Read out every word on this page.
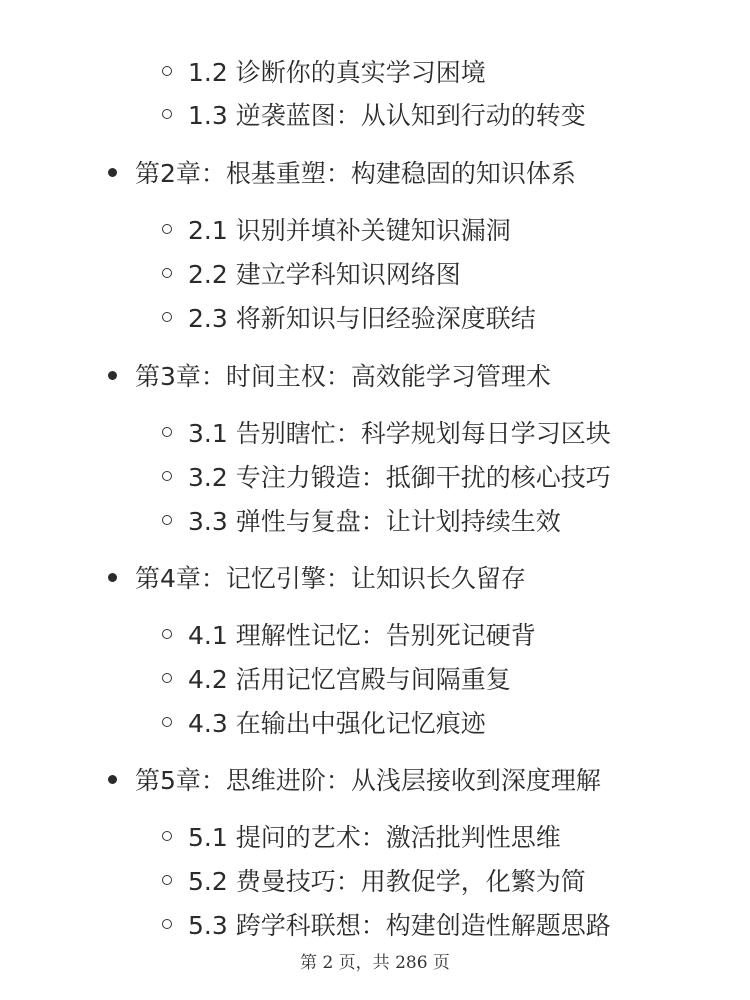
1.2 诊断你的真实学习困境
1.3 逆袭蓝图：从认知到行动的转变
第2章：根基重塑：构建稳固的知识体系
2.1 识别并填补关键知识漏洞
2.2 建立学科知识网络图
2.3 将新知识与旧经验深度联结
第3章：时间主权：高效能学习管理术
3.1 告别瞎忙：科学规划每日学习区块
3.2 专注力锻造：抵御干扰的核心技巧
3.3 弹性与复盘：让计划持续生效
第4章：记忆引擎：让知识长久留存
4.1 理解性记忆：告别死记硬背
4.2 活用记忆宫殿与间隔重复
4.3 在输出中强化记忆痕迹
第5章：思维进阶：从浅层接收到深度理解
5.1 提问的艺术：激活批判性思维
5.2 费曼技巧：用教促学，化繁为简
5.3 跨学科联想：构建创造性解题思路
第 2 页，共 286 页
